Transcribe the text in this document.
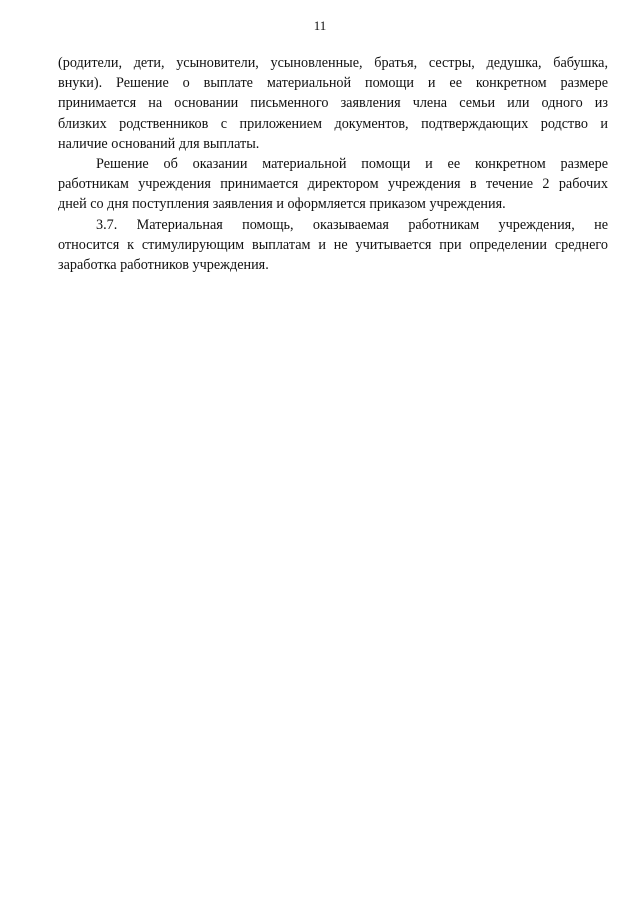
11
(родители, дети, усыновители, усыновленные, братья, сестры, дедушка, бабушка,
внуки). Решение о выплате материальной помощи и ее конкретном размере
принимается на основании письменного заявления члена семьи или одного из
близких родственников с приложением документов, подтверждающих родство и
наличие оснований для выплаты.
Решение об оказании материальной помощи и ее конкретном размере
работникам учреждения принимается директором учреждения в течение 2 рабочих
дней со дня поступления заявления и оформляется приказом учреждения.
3.7. Материальная помощь, оказываемая работникам учреждения, не
относится к стимулирующим выплатам и не учитывается при определении среднего
заработка работников учреждения.
